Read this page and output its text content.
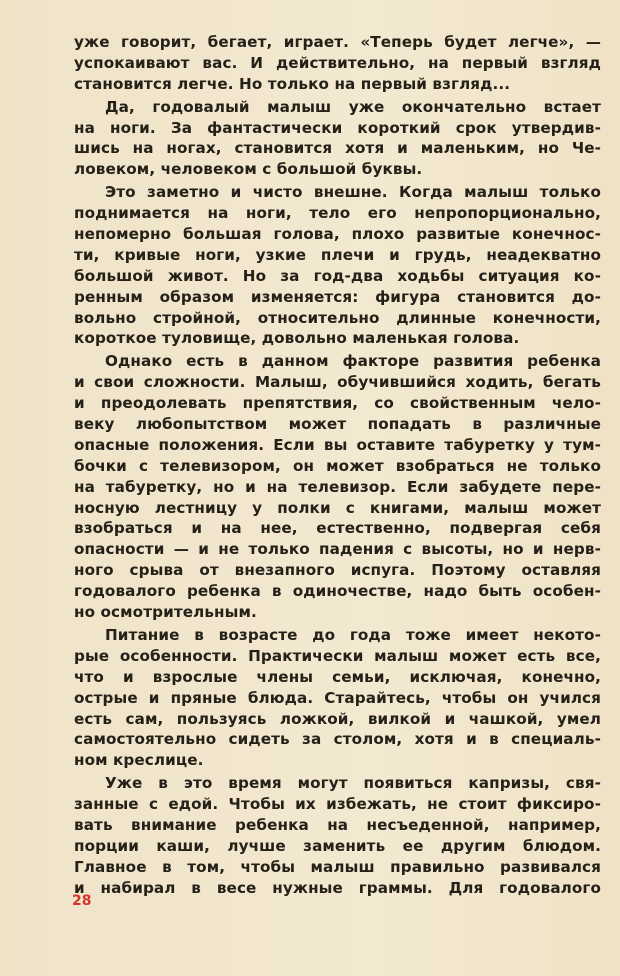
уже говорит, бегает, играет. «Теперь будет легче», —
успокаивают вас. И действительно, на первый взгляд
становится легче. Но только на первый взгляд...
Да, годовалый малыш уже окончательно встает
на ноги. За фантастически короткий срок утвердив-
шись на ногах, становится хотя и маленьким, но Че-
ловеком, человеком с большой буквы.
Это заметно и чисто внешне. Когда малыш только
поднимается на ноги, тело его непропорционально,
непомерно большая голова, плохо развитые конечнос-
ти, кривые ноги, узкие плечи и грудь, неадекватно
большой живот. Но за год-два ходьбы ситуация ко-
ренным образом изменяется: фигура становится до-
вольно стройной, относительно длинные конечности,
короткое туловище, довольно маленькая голова.
Однако есть в данном факторе развития ребенка
и свои сложности. Малыш, обучившийся ходить, бегать
и преодолевать препятствия, со свойственным чело-
веку любопытством может попадать в различные
опасные положения. Если вы оставите табуретку у тум-
бочки с телевизором, он может взобраться не только
на табуретку, но и на телевизор. Если забудете пере-
носную лестницу у полки с книгами, малыш может
взобраться и на нее, естественно, подвергая себя
опасности — и не только падения с высоты, но и нерв-
ного срыва от внезапного испуга. Поэтому оставляя
годовалого ребенка в одиночестве, надо быть особен-
но осмотрительным.
Питание в возрасте до года тоже имеет некото-
рые особенности. Практически малыш может есть все,
что и взрослые члены семьи, исключая, конечно,
острые и пряные блюда. Старайтесь, чтобы он учился
есть сам, пользуясь ложкой, вилкой и чашкой, умел
самостоятельно сидеть за столом, хотя и в специаль-
ном креслице.
Уже в это время могут появиться капризы, свя-
занные с едой. Чтобы их избежать, не стоит фиксиро-
вать внимание ребенка на несъеденной, например,
порции каши, лучше заменить ее другим блюдом.
Главное в том, чтобы малыш правильно развивался
и набирал в весе нужные граммы. Для годовалого
28
